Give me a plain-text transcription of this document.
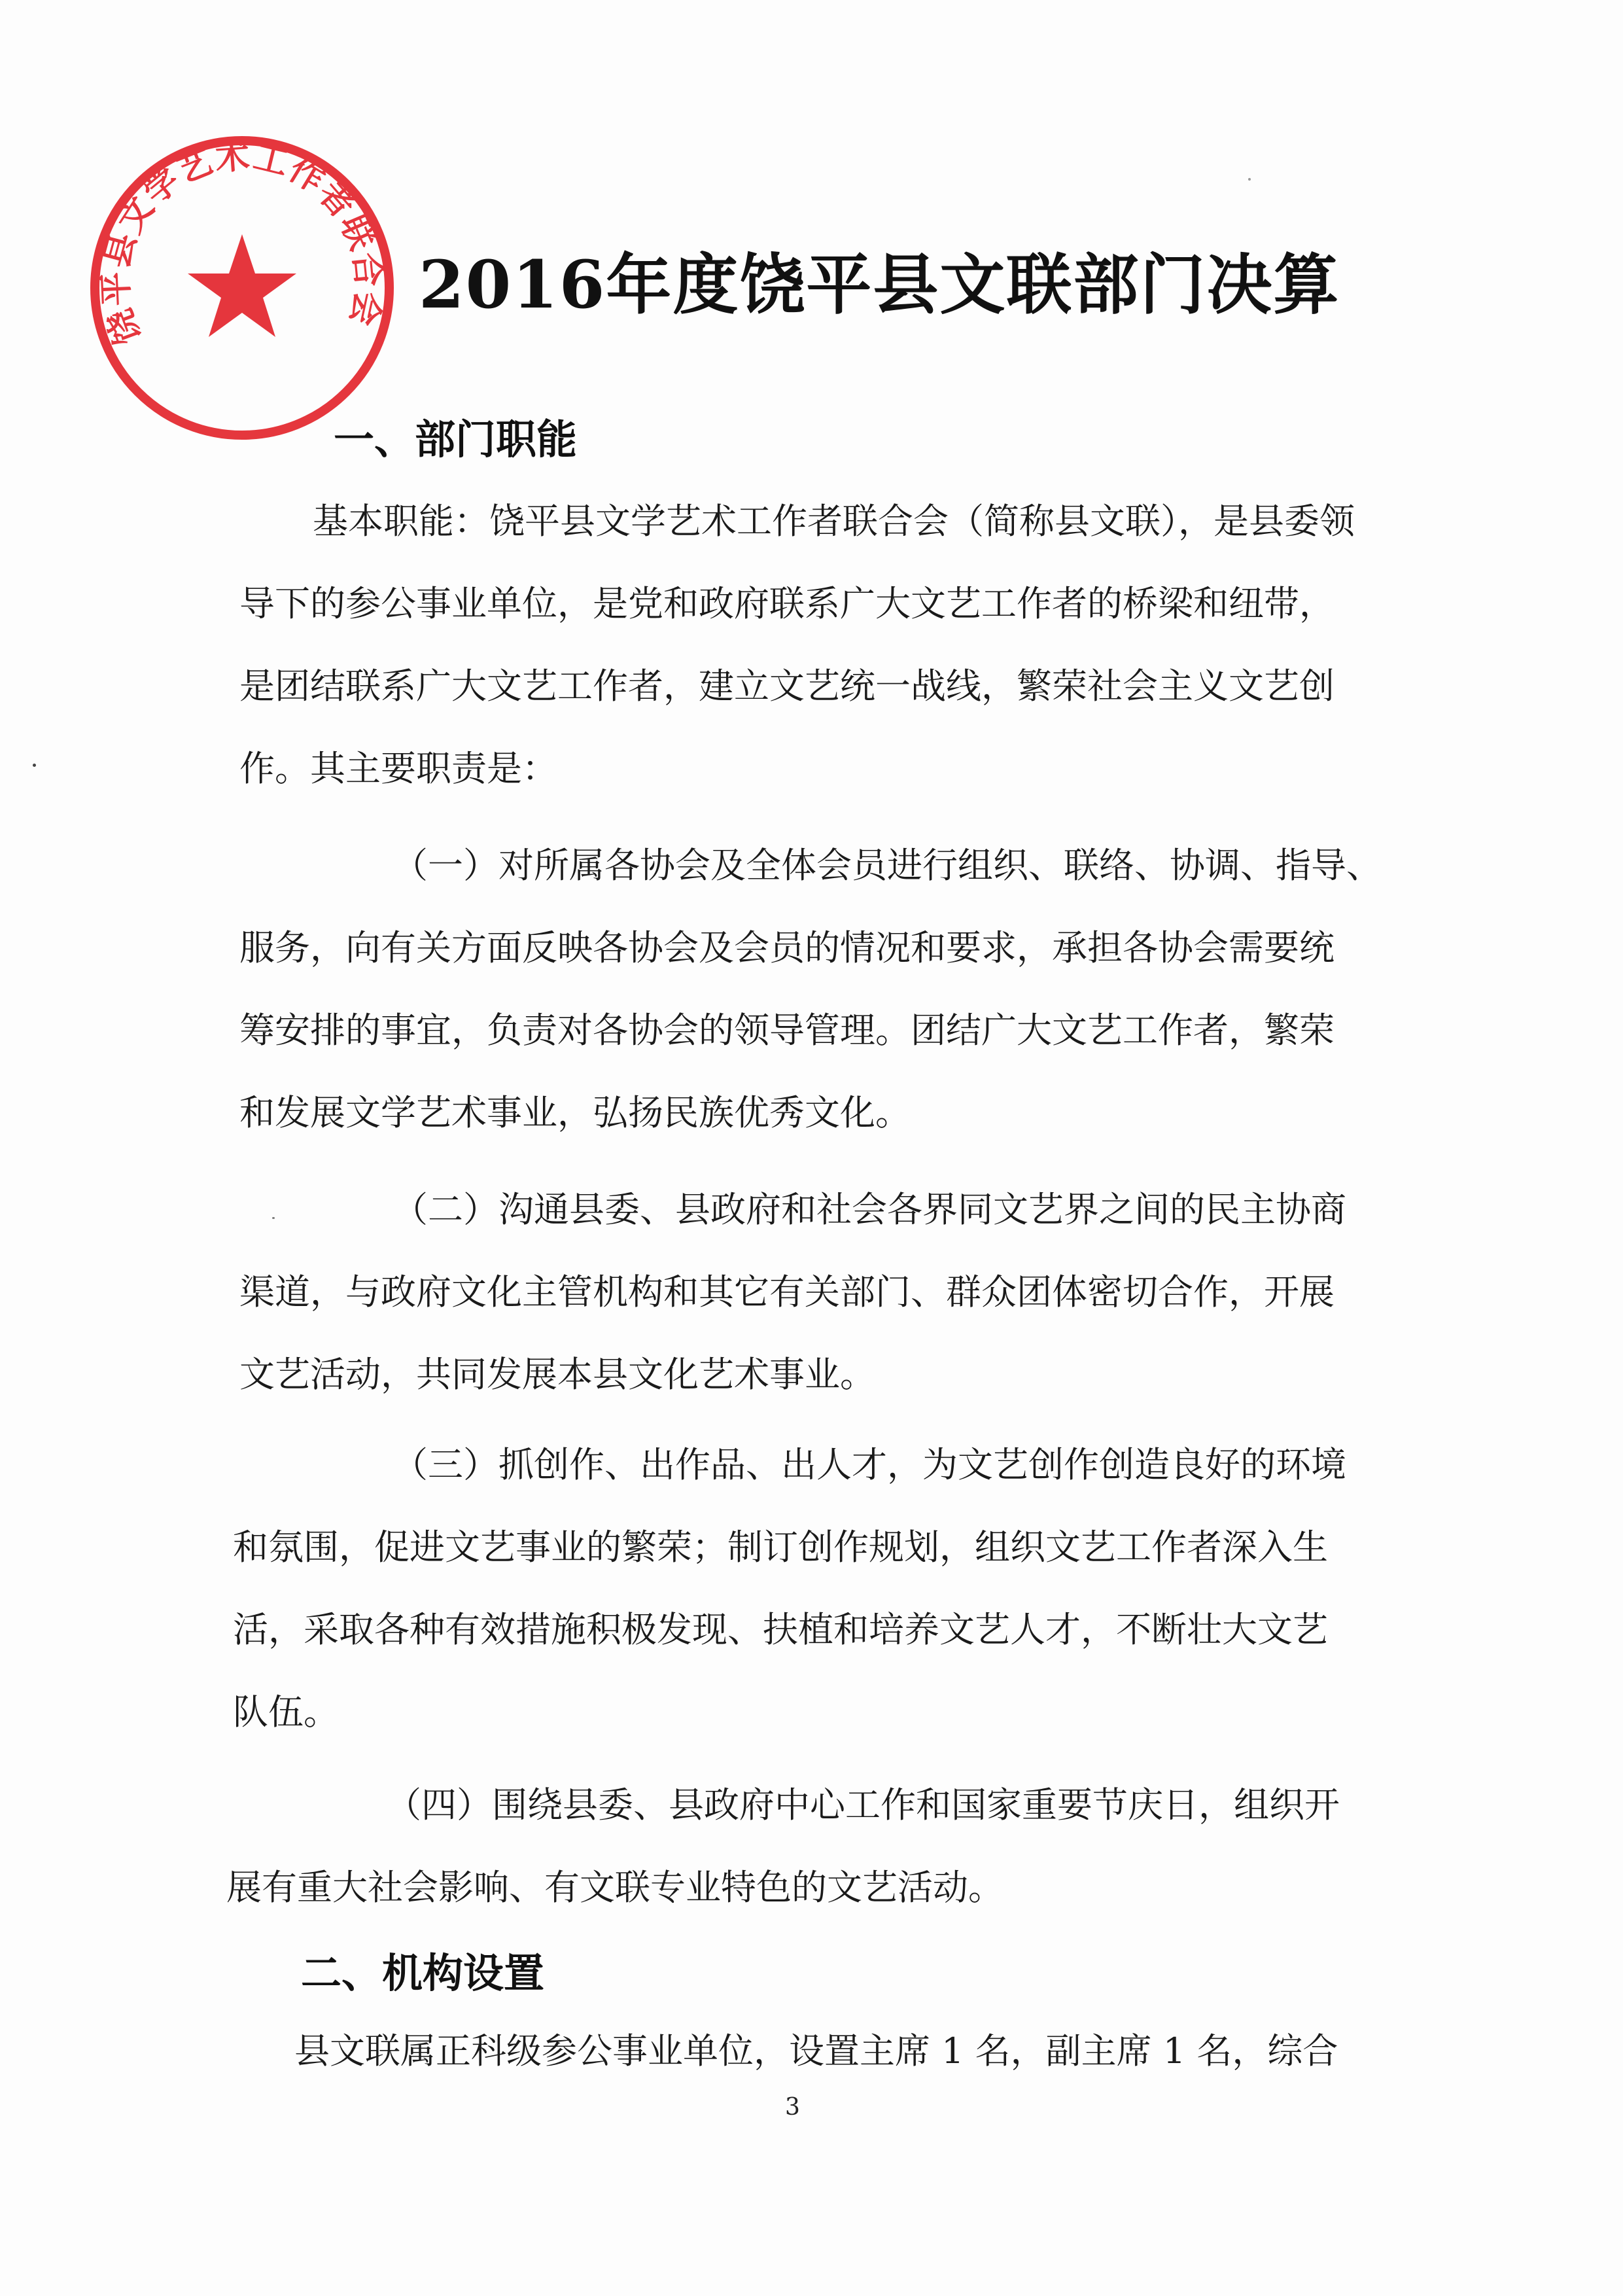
饶平县文学艺术工作者联合会 2016年度饶平县文联部门决算
一、部门职能
基本职能：饶平县文学艺术工作者联合会（简称县文联），是县委领
导下的参公事业单位，是党和政府联系广大文艺工作者的桥梁和纽带，
是团结联系广大文艺工作者，建立文艺统一战线，繁荣社会主义文艺创
作。其主要职责是：
（一）对所属各协会及全体会员进行组织、联络、协调、指导、
服务，向有关方面反映各协会及会员的情况和要求，承担各协会需要统
筹安排的事宜，负责对各协会的领导管理。团结广大文艺工作者，繁荣
和发展文学艺术事业，弘扬民族优秀文化。
（二）沟通县委、县政府和社会各界同文艺界之间的民主协商
渠道，与政府文化主管机构和其它有关部门、群众团体密切合作，开展
文艺活动，共同发展本县文化艺术事业。
（三）抓创作、出作品、出人才，为文艺创作创造良好的环境
和氛围，促进文艺事业的繁荣；制订创作规划，组织文艺工作者深入生
活，采取各种有效措施积极发现、扶植和培养文艺人才，不断壮大文艺
队伍。
（四）围绕县委、县政府中心工作和国家重要节庆日，组织开
展有重大社会影响、有文联专业特色的文艺活动。
二、机构设置
县文联属正科级参公事业单位，设置主席 1 名，副主席 1 名，综合
3
